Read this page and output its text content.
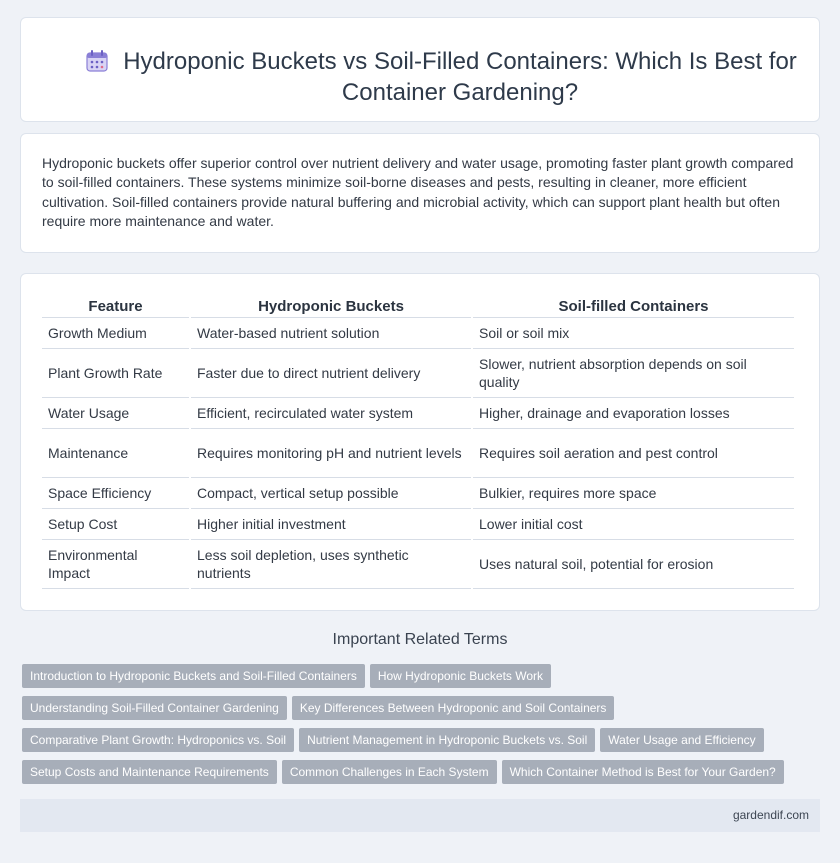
Hydroponic Buckets vs Soil-Filled Containers: Which Is Best for Container Gardening?

Hydroponic buckets offer superior control over nutrient delivery and water usage, promoting faster plant growth compared to soil-filled containers. These systems minimize soil-borne diseases and pests, resulting in cleaner, more efficient cultivation. Soil-filled containers provide natural buffering and microbial activity, which can support plant health but often require more maintenance and water.

Feature	Hydroponic Buckets	Soil-filled Containers
Growth Medium	Water-based nutrient solution	Soil or soil mix
Plant Growth Rate	Faster due to direct nutrient delivery	Slower, nutrient absorption depends on soil quality
Water Usage	Efficient, recirculated water system	Higher, drainage and evaporation losses
Maintenance	Requires monitoring pH and nutrient levels	Requires soil aeration and pest control
Space Efficiency	Compact, vertical setup possible	Bulkier, requires more space
Setup Cost	Higher initial investment	Lower initial cost
Environmental Impact	Less soil depletion, uses synthetic nutrients	Uses natural soil, potential for erosion
Important Related Terms
Introduction to Hydroponic Buckets and Soil-Filled Containers How Hydroponic Buckets Work
Understanding Soil-Filled Container Gardening Key Differences Between Hydroponic and Soil Containers
Comparative Plant Growth: Hydroponics vs. Soil Nutrient Management in Hydroponic Buckets vs. Soil Water Usage and Efficiency
Setup Costs and Maintenance Requirements Common Challenges in Each System Which Container Method is Best for Your Garden?
gardendif.com
